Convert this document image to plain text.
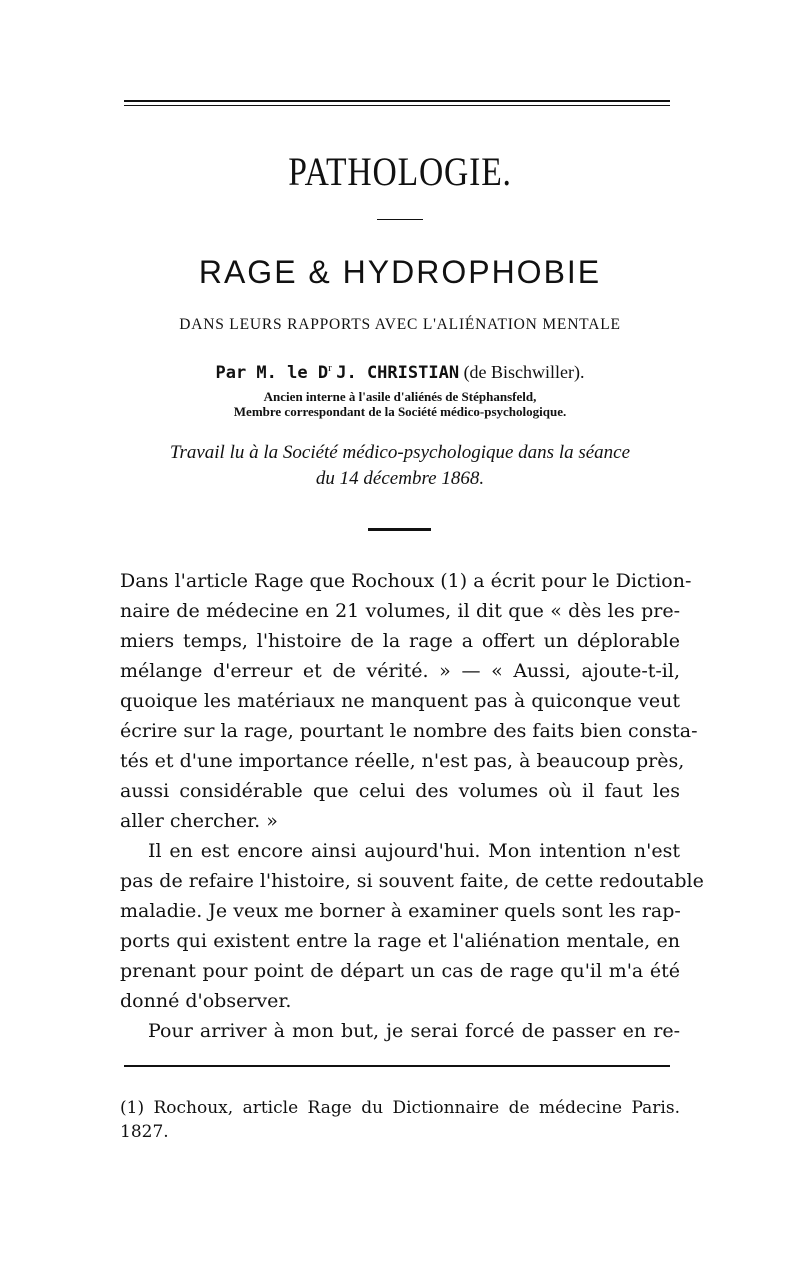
PATHOLOGIE.
RAGE & HYDROPHOBIE
DANS LEURS RAPPORTS AVEC L'ALIÉNATION MENTALE
Par M. le $D^r$ J. CHRISTIAN (de Bischwiller).
Ancien interne à l'asile d'aliénés de Stéphansfeld,
Membre correspondant de la Société médico-psychologique.
Travail lu à la Société médico-psychologique dans la séance
du 14 décembre 1868.
Dans l'article Rage que Rochoux (1) a écrit pour le Diction-
naire de médecine en 21 volumes, il dit que « dès les pre-
miers temps, l'histoire de la rage a offert un déplorable
mélange d'erreur et de vérité. » — « Aussi, ajoute-t-il,
quoique les matériaux ne manquent pas à quiconque veut
écrire sur la rage, pourtant le nombre des faits bien consta-
tés et d'une importance réelle, n'est pas, à beaucoup près,
aussi considérable que celui des volumes où il faut les
aller chercher. »
Il en est encore ainsi aujourd'hui. Mon intention n'est
pas de refaire l'histoire, si souvent faite, de cette redoutable
maladie. Je veux me borner à examiner quels sont les rap-
ports qui existent entre la rage et l'aliénation mentale, en
prenant pour point de départ un cas de rage qu'il m'a été
donné d'observer.
Pour arriver à mon but, je serai forcé de passer en re-
(1) Rochoux, article Rage du Dictionnaire de médecine Paris.
1827.
